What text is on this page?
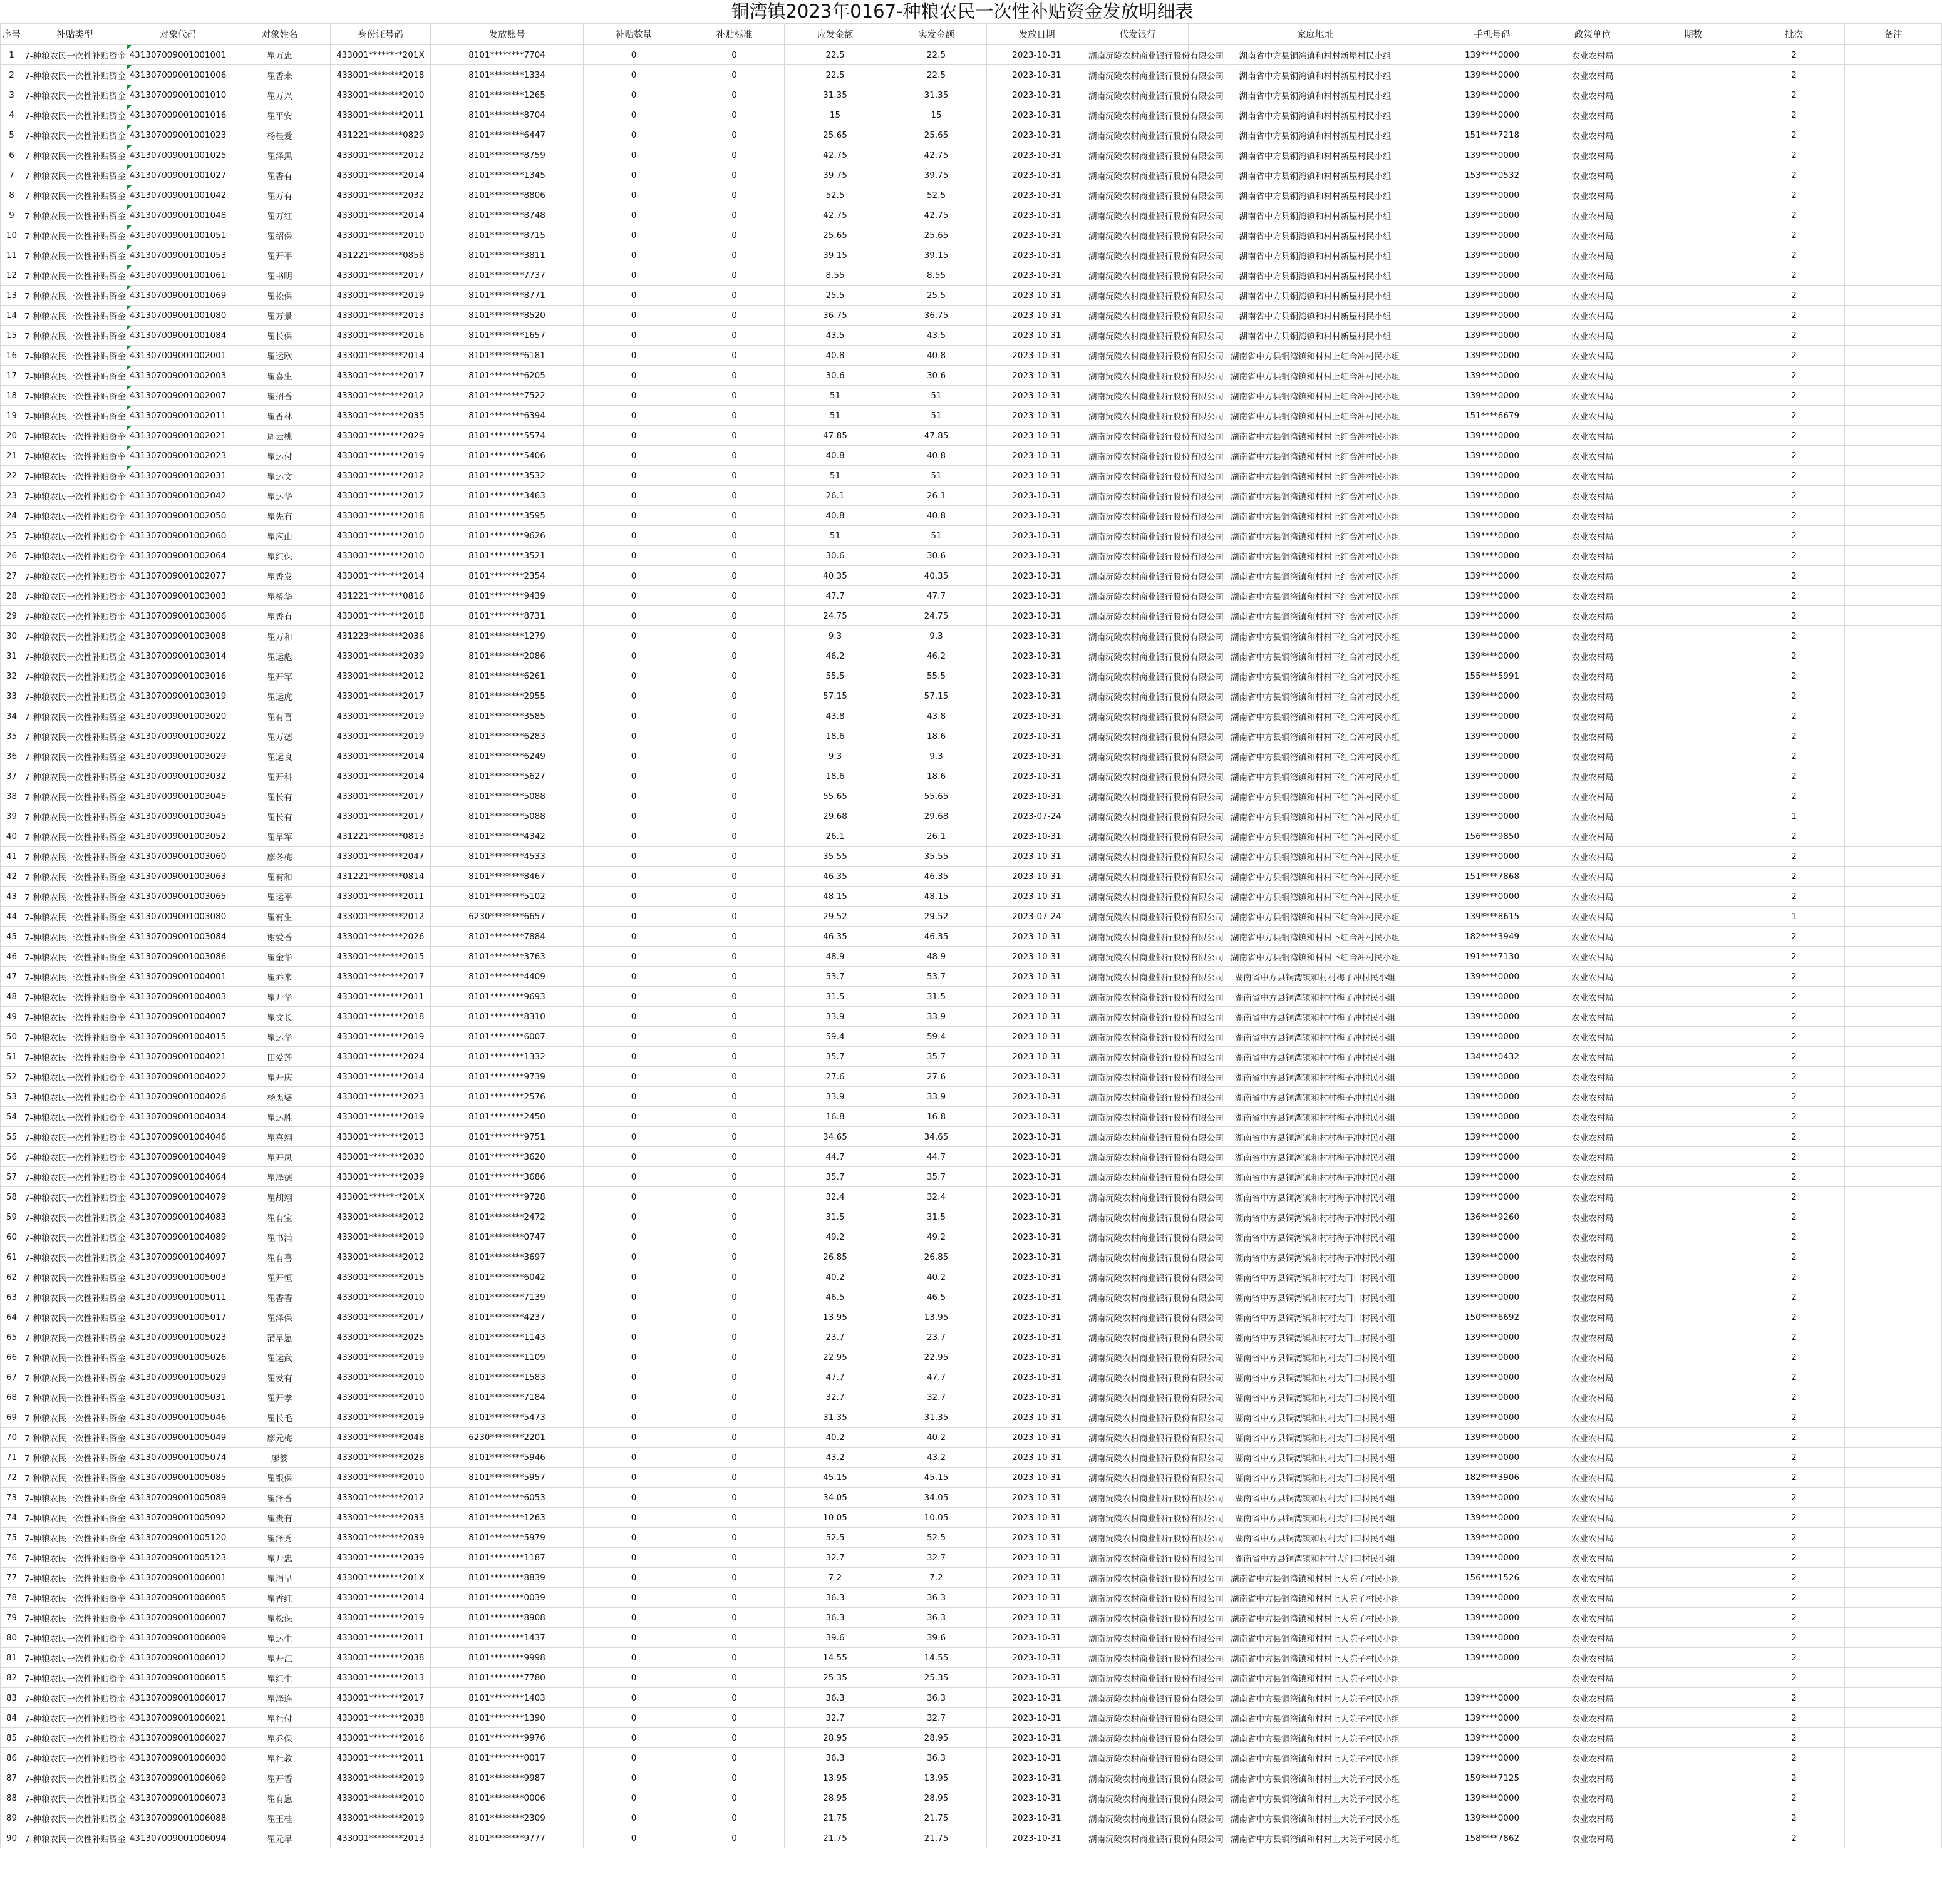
铜湾镇2023年0167-种粮农民一次性补贴资金发放明细表
序号	补贴类型	对象代码	对象姓名	身份证号码	发放账号	补贴数量	补贴标准	应发金额	实发金额	发放日期	代发银行	家庭地址	手机号码	政策单位	期数	批次	备注
1	7-种粮农民一次性补贴资金	431307009001001001	瞿万忠	433001********201X	8101********7704	0	0	22.5	22.5	2023-10-31	湖南沅陵农村商业银行股份有限公司	湖南省中方县铜湾镇和村村新屋村民小组	139****0000	农业农村局		2	
2	7-种粮农民一次性补贴资金	431307009001001006	瞿香来	433001********2018	8101********1334	0	0	22.5	22.5	2023-10-31	湖南沅陵农村商业银行股份有限公司	湖南省中方县铜湾镇和村村新屋村民小组	139****0000	农业农村局		2	
3	7-种粮农民一次性补贴资金	431307009001001010	瞿万兴	433001********2010	8101********1265	0	0	31.35	31.35	2023-10-31	湖南沅陵农村商业银行股份有限公司	湖南省中方县铜湾镇和村村新屋村民小组	139****0000	农业农村局		2	
4	7-种粮农民一次性补贴资金	431307009001001016	瞿平安	433001********2011	8101********8704	0	0	15	15	2023-10-31	湖南沅陵农村商业银行股份有限公司	湖南省中方县铜湾镇和村村新屋村民小组	139****0000	农业农村局		2	
5	7-种粮农民一次性补贴资金	431307009001001023	杨桂爱	431221********0829	8101********6447	0	0	25.65	25.65	2023-10-31	湖南沅陵农村商业银行股份有限公司	湖南省中方县铜湾镇和村村新屋村民小组	151****7218	农业农村局		2	
6	7-种粮农民一次性补贴资金	431307009001001025	瞿泽黑	433001********2012	8101********8759	0	0	42.75	42.75	2023-10-31	湖南沅陵农村商业银行股份有限公司	湖南省中方县铜湾镇和村村新屋村民小组	139****0000	农业农村局		2	
7	7-种粮农民一次性补贴资金	431307009001001027	瞿香有	433001********2014	8101********1345	0	0	39.75	39.75	2023-10-31	湖南沅陵农村商业银行股份有限公司	湖南省中方县铜湾镇和村村新屋村民小组	153****0532	农业农村局		2	
8	7-种粮农民一次性补贴资金	431307009001001042	瞿万有	433001********2032	8101********8806	0	0	52.5	52.5	2023-10-31	湖南沅陵农村商业银行股份有限公司	湖南省中方县铜湾镇和村村新屋村民小组	139****0000	农业农村局		2	
9	7-种粮农民一次性补贴资金	431307009001001048	瞿万红	433001********2014	8101********8748	0	0	42.75	42.75	2023-10-31	湖南沅陵农村商业银行股份有限公司	湖南省中方县铜湾镇和村村新屋村民小组	139****0000	农业农村局		2	
10	7-种粮农民一次性补贴资金	431307009001001051	瞿绍保	433001********2010	8101********8715	0	0	25.65	25.65	2023-10-31	湖南沅陵农村商业银行股份有限公司	湖南省中方县铜湾镇和村村新屋村民小组	139****0000	农业农村局		2	
11	7-种粮农民一次性补贴资金	431307009001001053	瞿开平	431221********0858	8101********3811	0	0	39.15	39.15	2023-10-31	湖南沅陵农村商业银行股份有限公司	湖南省中方县铜湾镇和村村新屋村民小组	139****0000	农业农村局		2	
12	7-种粮农民一次性补贴资金	431307009001001061	瞿书明	433001********2017	8101********7737	0	0	8.55	8.55	2023-10-31	湖南沅陵农村商业银行股份有限公司	湖南省中方县铜湾镇和村村新屋村民小组	139****0000	农业农村局		2	
13	7-种粮农民一次性补贴资金	431307009001001069	瞿松保	433001********2019	8101********8771	0	0	25.5	25.5	2023-10-31	湖南沅陵农村商业银行股份有限公司	湖南省中方县铜湾镇和村村新屋村民小组	139****0000	农业农村局		2	
14	7-种粮农民一次性补贴资金	431307009001001080	瞿万景	433001********2013	8101********8520	0	0	36.75	36.75	2023-10-31	湖南沅陵农村商业银行股份有限公司	湖南省中方县铜湾镇和村村新屋村民小组	139****0000	农业农村局		2	
15	7-种粮农民一次性补贴资金	431307009001001084	瞿长保	433001********2016	8101********1657	0	0	43.5	43.5	2023-10-31	湖南沅陵农村商业银行股份有限公司	湖南省中方县铜湾镇和村村新屋村民小组	139****0000	农业农村局		2	
16	7-种粮农民一次性补贴资金	431307009001002001	瞿运欧	433001********2014	8101********6181	0	0	40.8	40.8	2023-10-31	湖南沅陵农村商业银行股份有限公司	湖南省中方县铜湾镇和村村上红合冲村民小组	139****0000	农业农村局		2	
17	7-种粮农民一次性补贴资金	431307009001002003	瞿喜生	433001********2017	8101********6205	0	0	30.6	30.6	2023-10-31	湖南沅陵农村商业银行股份有限公司	湖南省中方县铜湾镇和村村上红合冲村民小组	139****0000	农业农村局		2	
18	7-种粮农民一次性补贴资金	431307009001002007	瞿招香	433001********2012	8101********7522	0	0	51	51	2023-10-31	湖南沅陵农村商业银行股份有限公司	湖南省中方县铜湾镇和村村上红合冲村民小组	139****0000	农业农村局		2	
19	7-种粮农民一次性补贴资金	431307009001002011	瞿香林	433001********2035	8101********6394	0	0	51	51	2023-10-31	湖南沅陵农村商业银行股份有限公司	湖南省中方县铜湾镇和村村上红合冲村民小组	151****6679	农业农村局		2	
20	7-种粮农民一次性补贴资金	431307009001002021	周云桃	433001********2029	8101********5574	0	0	47.85	47.85	2023-10-31	湖南沅陵农村商业银行股份有限公司	湖南省中方县铜湾镇和村村上红合冲村民小组	139****0000	农业农村局		2	
21	7-种粮农民一次性补贴资金	431307009001002023	瞿运付	433001********2019	8101********5406	0	0	40.8	40.8	2023-10-31	湖南沅陵农村商业银行股份有限公司	湖南省中方县铜湾镇和村村上红合冲村民小组	139****0000	农业农村局		2	
22	7-种粮农民一次性补贴资金	431307009001002031	瞿运文	433001********2012	8101********3532	0	0	51	51	2023-10-31	湖南沅陵农村商业银行股份有限公司	湖南省中方县铜湾镇和村村上红合冲村民小组	139****0000	农业农村局		2	
23	7-种粮农民一次性补贴资金	431307009001002042	瞿运华	433001********2012	8101********3463	0	0	26.1	26.1	2023-10-31	湖南沅陵农村商业银行股份有限公司	湖南省中方县铜湾镇和村村上红合冲村民小组	139****0000	农业农村局		2	
24	7-种粮农民一次性补贴资金	431307009001002050	瞿先有	433001********2018	8101********3595	0	0	40.8	40.8	2023-10-31	湖南沅陵农村商业银行股份有限公司	湖南省中方县铜湾镇和村村上红合冲村民小组	139****0000	农业农村局		2	
25	7-种粮农民一次性补贴资金	431307009001002060	瞿应山	433001********2010	8101********9626	0	0	51	51	2023-10-31	湖南沅陵农村商业银行股份有限公司	湖南省中方县铜湾镇和村村上红合冲村民小组	139****0000	农业农村局		2	
26	7-种粮农民一次性补贴资金	431307009001002064	瞿红保	433001********2010	8101********3521	0	0	30.6	30.6	2023-10-31	湖南沅陵农村商业银行股份有限公司	湖南省中方县铜湾镇和村村上红合冲村民小组	139****0000	农业农村局		2	
27	7-种粮农民一次性补贴资金	431307009001002077	瞿香发	433001********2014	8101********2354	0	0	40.35	40.35	2023-10-31	湖南沅陵农村商业银行股份有限公司	湖南省中方县铜湾镇和村村上红合冲村民小组	139****0000	农业农村局		2	
28	7-种粮农民一次性补贴资金	431307009001003003	瞿桥华	431221********0816	8101********9439	0	0	47.7	47.7	2023-10-31	湖南沅陵农村商业银行股份有限公司	湖南省中方县铜湾镇和村村下红合冲村民小组	139****0000	农业农村局		2	
29	7-种粮农民一次性补贴资金	431307009001003006	瞿香有	433001********2018	8101********8731	0	0	24.75	24.75	2023-10-31	湖南沅陵农村商业银行股份有限公司	湖南省中方县铜湾镇和村村下红合冲村民小组	139****0000	农业农村局		2	
30	7-种粮农民一次性补贴资金	431307009001003008	瞿万和	431223********2036	8101********1279	0	0	9.3	9.3	2023-10-31	湖南沅陵农村商业银行股份有限公司	湖南省中方县铜湾镇和村村下红合冲村民小组	139****0000	农业农村局		2	
31	7-种粮农民一次性补贴资金	431307009001003014	瞿运彪	433001********2039	8101********2086	0	0	46.2	46.2	2023-10-31	湖南沅陵农村商业银行股份有限公司	湖南省中方县铜湾镇和村村下红合冲村民小组	139****0000	农业农村局		2	
32	7-种粮农民一次性补贴资金	431307009001003016	瞿开军	433001********2012	8101********6261	0	0	55.5	55.5	2023-10-31	湖南沅陵农村商业银行股份有限公司	湖南省中方县铜湾镇和村村下红合冲村民小组	155****5991	农业农村局		2	
33	7-种粮农民一次性补贴资金	431307009001003019	瞿运虎	433001********2017	8101********2955	0	0	57.15	57.15	2023-10-31	湖南沅陵农村商业银行股份有限公司	湖南省中方县铜湾镇和村村下红合冲村民小组	139****0000	农业农村局		2	
34	7-种粮农民一次性补贴资金	431307009001003020	瞿有喜	433001********2019	8101********3585	0	0	43.8	43.8	2023-10-31	湖南沅陵农村商业银行股份有限公司	湖南省中方县铜湾镇和村村下红合冲村民小组	139****0000	农业农村局		2	
35	7-种粮农民一次性补贴资金	431307009001003022	瞿万德	433001********2019	8101********6283	0	0	18.6	18.6	2023-10-31	湖南沅陵农村商业银行股份有限公司	湖南省中方县铜湾镇和村村下红合冲村民小组	139****0000	农业农村局		2	
36	7-种粮农民一次性补贴资金	431307009001003029	瞿运良	433001********2014	8101********6249	0	0	9.3	9.3	2023-10-31	湖南沅陵农村商业银行股份有限公司	湖南省中方县铜湾镇和村村下红合冲村民小组	139****0000	农业农村局		2	
37	7-种粮农民一次性补贴资金	431307009001003032	瞿开科	433001********2014	8101********5627	0	0	18.6	18.6	2023-10-31	湖南沅陵农村商业银行股份有限公司	湖南省中方县铜湾镇和村村下红合冲村民小组	139****0000	农业农村局		2	
38	7-种粮农民一次性补贴资金	431307009001003045	瞿长有	433001********2017	8101********5088	0	0	55.65	55.65	2023-10-31	湖南沅陵农村商业银行股份有限公司	湖南省中方县铜湾镇和村村下红合冲村民小组	139****0000	农业农村局		2	
39	7-种粮农民一次性补贴资金	431307009001003045	瞿长有	433001********2017	8101********5088	0	0	29.68	29.68	2023-07-24	湖南沅陵农村商业银行股份有限公司	湖南省中方县铜湾镇和村村下红合冲村民小组	139****0000	农业农村局		1	
40	7-种粮农民一次性补贴资金	431307009001003052	瞿早军	431221********0813	8101********4342	0	0	26.1	26.1	2023-10-31	湖南沅陵农村商业银行股份有限公司	湖南省中方县铜湾镇和村村下红合冲村民小组	156****9850	农业农村局		2	
41	7-种粮农民一次性补贴资金	431307009001003060	廖冬梅	433001********2047	8101********4533	0	0	35.55	35.55	2023-10-31	湖南沅陵农村商业银行股份有限公司	湖南省中方县铜湾镇和村村下红合冲村民小组	139****0000	农业农村局		2	
42	7-种粮农民一次性补贴资金	431307009001003063	瞿有和	431221********0814	8101********8467	0	0	46.35	46.35	2023-10-31	湖南沅陵农村商业银行股份有限公司	湖南省中方县铜湾镇和村村下红合冲村民小组	151****7868	农业农村局		2	
43	7-种粮农民一次性补贴资金	431307009001003065	瞿运平	433001********2011	8101********5102	0	0	48.15	48.15	2023-10-31	湖南沅陵农村商业银行股份有限公司	湖南省中方县铜湾镇和村村下红合冲村民小组	139****0000	农业农村局		2	
44	7-种粮农民一次性补贴资金	431307009001003080	瞿有生	433001********2012	6230********6657	0	0	29.52	29.52	2023-07-24	湖南沅陵农村商业银行股份有限公司	湖南省中方县铜湾镇和村村下红合冲村民小组	139****8615	农业农村局		1	
45	7-种粮农民一次性补贴资金	431307009001003084	谢爱香	433001********2026	8101********7884	0	0	46.35	46.35	2023-10-31	湖南沅陵农村商业银行股份有限公司	湖南省中方县铜湾镇和村村下红合冲村民小组	182****3949	农业农村局		2	
46	7-种粮农民一次性补贴资金	431307009001003086	瞿金华	433001********2015	8101********3763	0	0	48.9	48.9	2023-10-31	湖南沅陵农村商业银行股份有限公司	湖南省中方县铜湾镇和村村下红合冲村民小组	191****7130	农业农村局		2	
47	7-种粮农民一次性补贴资金	431307009001004001	瞿乔来	433001********2017	8101********4409	0	0	53.7	53.7	2023-10-31	湖南沅陵农村商业银行股份有限公司	湖南省中方县铜湾镇和村村梅子冲村民小组	139****0000	农业农村局		2	
48	7-种粮农民一次性补贴资金	431307009001004003	瞿开华	433001********2011	8101********9693	0	0	31.5	31.5	2023-10-31	湖南沅陵农村商业银行股份有限公司	湖南省中方县铜湾镇和村村梅子冲村民小组	139****0000	农业农村局		2	
49	7-种粮农民一次性补贴资金	431307009001004007	瞿文长	433001********2018	8101********8310	0	0	33.9	33.9	2023-10-31	湖南沅陵农村商业银行股份有限公司	湖南省中方县铜湾镇和村村梅子冲村民小组	139****0000	农业农村局		2	
50	7-种粮农民一次性补贴资金	431307009001004015	瞿运华	433001********2019	8101********6007	0	0	59.4	59.4	2023-10-31	湖南沅陵农村商业银行股份有限公司	湖南省中方县铜湾镇和村村梅子冲村民小组	139****0000	农业农村局		2	
51	7-种粮农民一次性补贴资金	431307009001004021	田爱莲	433001********2024	8101********1332	0	0	35.7	35.7	2023-10-31	湖南沅陵农村商业银行股份有限公司	湖南省中方县铜湾镇和村村梅子冲村民小组	134****0432	农业农村局		2	
52	7-种粮农民一次性补贴资金	431307009001004022	瞿开庆	433001********2014	8101********9739	0	0	27.6	27.6	2023-10-31	湖南沅陵农村商业银行股份有限公司	湖南省中方县铜湾镇和村村梅子冲村民小组	139****0000	农业农村局		2	
53	7-种粮农民一次性补贴资金	431307009001004026	杨黑婆	433001********2023	8101********2576	0	0	33.9	33.9	2023-10-31	湖南沅陵农村商业银行股份有限公司	湖南省中方县铜湾镇和村村梅子冲村民小组	139****0000	农业农村局		2	
54	7-种粮农民一次性补贴资金	431307009001004034	瞿运胜	433001********2019	8101********2450	0	0	16.8	16.8	2023-10-31	湖南沅陵农村商业银行股份有限公司	湖南省中方县铜湾镇和村村梅子冲村民小组	139****0000	农业农村局		2	
55	7-种粮农民一次性补贴资金	431307009001004046	瞿喜翊	433001********2013	8101********9751	0	0	34.65	34.65	2023-10-31	湖南沅陵农村商业银行股份有限公司	湖南省中方县铜湾镇和村村梅子冲村民小组	139****0000	农业农村局		2	
56	7-种粮农民一次性补贴资金	431307009001004049	瞿开凤	433001********2030	8101********3620	0	0	44.7	44.7	2023-10-31	湖南沅陵农村商业银行股份有限公司	湖南省中方县铜湾镇和村村梅子冲村民小组	139****0000	农业农村局		2	
57	7-种粮农民一次性补贴资金	431307009001004064	瞿泽德	433001********2039	8101********3686	0	0	35.7	35.7	2023-10-31	湖南沅陵农村商业银行股份有限公司	湖南省中方县铜湾镇和村村梅子冲村民小组	139****0000	农业农村局		2	
58	7-种粮农民一次性补贴资金	431307009001004079	瞿胡翊	433001********201X	8101********9728	0	0	32.4	32.4	2023-10-31	湖南沅陵农村商业银行股份有限公司	湖南省中方县铜湾镇和村村梅子冲村民小组	139****0000	农业农村局		2	
59	7-种粮农民一次性补贴资金	431307009001004083	瞿有宝	433001********2012	8101********2472	0	0	31.5	31.5	2023-10-31	湖南沅陵农村商业银行股份有限公司	湖南省中方县铜湾镇和村村梅子冲村民小组	136****9260	农业农村局		2	
60	7-种粮农民一次性补贴资金	431307009001004089	瞿书浦	433001********2019	8101********0747	0	0	49.2	49.2	2023-10-31	湖南沅陵农村商业银行股份有限公司	湖南省中方县铜湾镇和村村梅子冲村民小组	139****0000	农业农村局		2	
61	7-种粮农民一次性补贴资金	431307009001004097	瞿有喜	433001********2012	8101********3697	0	0	26.85	26.85	2023-10-31	湖南沅陵农村商业银行股份有限公司	湖南省中方县铜湾镇和村村梅子冲村民小组	139****0000	农业农村局		2	
62	7-种粮农民一次性补贴资金	431307009001005003	瞿开恒	433001********2015	8101********6042	0	0	40.2	40.2	2023-10-31	湖南沅陵农村商业银行股份有限公司	湖南省中方县铜湾镇和村村大门口村民小组	139****0000	农业农村局		2	
63	7-种粮农民一次性补贴资金	431307009001005011	瞿香香	433001********2010	8101********7139	0	0	46.5	46.5	2023-10-31	湖南沅陵农村商业银行股份有限公司	湖南省中方县铜湾镇和村村大门口村民小组	139****0000	农业农村局		2	
64	7-种粮农民一次性补贴资金	431307009001005017	瞿泽保	433001********2017	8101********4237	0	0	13.95	13.95	2023-10-31	湖南沅陵农村商业银行股份有限公司	湖南省中方县铜湾镇和村村大门口村民小组	150****6692	农业农村局		2	
65	7-种粮农民一次性补贴资金	431307009001005023	蒲早崽	433001********2025	8101********1143	0	0	23.7	23.7	2023-10-31	湖南沅陵农村商业银行股份有限公司	湖南省中方县铜湾镇和村村大门口村民小组	139****0000	农业农村局		2	
66	7-种粮农民一次性补贴资金	431307009001005026	瞿运武	433001********2019	8101********1109	0	0	22.95	22.95	2023-10-31	湖南沅陵农村商业银行股份有限公司	湖南省中方县铜湾镇和村村大门口村民小组	139****0000	农业农村局		2	
67	7-种粮农民一次性补贴资金	431307009001005029	瞿发有	433001********2010	8101********1583	0	0	47.7	47.7	2023-10-31	湖南沅陵农村商业银行股份有限公司	湖南省中方县铜湾镇和村村大门口村民小组	139****0000	农业农村局		2	
68	7-种粮农民一次性补贴资金	431307009001005031	瞿开孝	433001********2010	8101********7184	0	0	32.7	32.7	2023-10-31	湖南沅陵农村商业银行股份有限公司	湖南省中方县铜湾镇和村村大门口村民小组	139****0000	农业农村局		2	
69	7-种粮农民一次性补贴资金	431307009001005046	瞿长毛	433001********2019	8101********5473	0	0	31.35	31.35	2023-10-31	湖南沅陵农村商业银行股份有限公司	湖南省中方县铜湾镇和村村大门口村民小组	139****0000	农业农村局		2	
70	7-种粮农民一次性补贴资金	431307009001005049	廖元梅	433001********2048	6230********2201	0	0	40.2	40.2	2023-10-31	湖南沅陵农村商业银行股份有限公司	湖南省中方县铜湾镇和村村大门口村民小组	139****0000	农业农村局		2	
71	7-种粮农民一次性补贴资金	431307009001005074	廖婆	433001********2028	8101********5946	0	0	43.2	43.2	2023-10-31	湖南沅陵农村商业银行股份有限公司	湖南省中方县铜湾镇和村村大门口村民小组	139****0000	农业农村局		2	
72	7-种粮农民一次性补贴资金	431307009001005085	瞿银保	433001********2010	8101********5957	0	0	45.15	45.15	2023-10-31	湖南沅陵农村商业银行股份有限公司	湖南省中方县铜湾镇和村村大门口村民小组	182****3906	农业农村局		2	
73	7-种粮农民一次性补贴资金	431307009001005089	瞿泽香	433001********2012	8101********6053	0	0	34.05	34.05	2023-10-31	湖南沅陵农村商业银行股份有限公司	湖南省中方县铜湾镇和村村大门口村民小组	139****0000	农业农村局		2	
74	7-种粮农民一次性补贴资金	431307009001005092	瞿贵有	433001********2033	8101********1263	0	0	10.05	10.05	2023-10-31	湖南沅陵农村商业银行股份有限公司	湖南省中方县铜湾镇和村村大门口村民小组	139****0000	农业农村局		2	
75	7-种粮农民一次性补贴资金	431307009001005120	瞿泽秀	433001********2039	8101********5979	0	0	52.5	52.5	2023-10-31	湖南沅陵农村商业银行股份有限公司	湖南省中方县铜湾镇和村村大门口村民小组	139****0000	农业农村局		2	
76	7-种粮农民一次性补贴资金	431307009001005123	瞿开忠	433001********2039	8101********1187	0	0	32.7	32.7	2023-10-31	湖南沅陵农村商业银行股份有限公司	湖南省中方县铜湾镇和村村大门口村民小组	139****0000	农业农村局		2	
77	7-种粮农民一次性补贴资金	431307009001006001	瞿涓早	433001********201X	8101********8839	0	0	7.2	7.2	2023-10-31	湖南沅陵农村商业银行股份有限公司	湖南省中方县铜湾镇和村村上大院子村民小组	156****1526	农业农村局		2	
78	7-种粮农民一次性补贴资金	431307009001006005	瞿香红	433001********2014	8101********0039	0	0	36.3	36.3	2023-10-31	湖南沅陵农村商业银行股份有限公司	湖南省中方县铜湾镇和村村上大院子村民小组	139****0000	农业农村局		2	
79	7-种粮农民一次性补贴资金	431307009001006007	瞿松保	433001********2019	8101********8908	0	0	36.3	36.3	2023-10-31	湖南沅陵农村商业银行股份有限公司	湖南省中方县铜湾镇和村村上大院子村民小组	139****0000	农业农村局		2	
80	7-种粮农民一次性补贴资金	431307009001006009	瞿运生	433001********2011	8101********1437	0	0	39.6	39.6	2023-10-31	湖南沅陵农村商业银行股份有限公司	湖南省中方县铜湾镇和村村上大院子村民小组	139****0000	农业农村局		2	
81	7-种粮农民一次性补贴资金	431307009001006012	瞿开江	433001********2038	8101********9998	0	0	14.55	14.55	2023-10-31	湖南沅陵农村商业银行股份有限公司	湖南省中方县铜湾镇和村村上大院子村民小组	139****0000	农业农村局		2	
82	7-种粮农民一次性补贴资金	431307009001006015	瞿红生	433001********2013	8101********7780	0	0	25.35	25.35	2023-10-31	湖南沅陵农村商业银行股份有限公司	湖南省中方县铜湾镇和村村上大院子村民小组		农业农村局		2	
83	7-种粮农民一次性补贴资金	431307009001006017	瞿泽连	433001********2017	8101********1403	0	0	36.3	36.3	2023-10-31	湖南沅陵农村商业银行股份有限公司	湖南省中方县铜湾镇和村村上大院子村民小组	139****0000	农业农村局		2	
84	7-种粮农民一次性补贴资金	431307009001006021	瞿社付	433001********2038	8101********1390	0	0	32.7	32.7	2023-10-31	湖南沅陵农村商业银行股份有限公司	湖南省中方县铜湾镇和村村上大院子村民小组	139****0000	农业农村局		2	
85	7-种粮农民一次性补贴资金	431307009001006027	瞿乔保	433001********2016	8101********9976	0	0	28.95	28.95	2023-10-31	湖南沅陵农村商业银行股份有限公司	湖南省中方县铜湾镇和村村上大院子村民小组	139****0000	农业农村局		2	
86	7-种粮农民一次性补贴资金	431307009001006030	瞿社教	433001********2011	8101********0017	0	0	36.3	36.3	2023-10-31	湖南沅陵农村商业银行股份有限公司	湖南省中方县铜湾镇和村村上大院子村民小组	139****0000	农业农村局		2	
87	7-种粮农民一次性补贴资金	431307009001006069	瞿开香	433001********2019	8101********9987	0	0	13.95	13.95	2023-10-31	湖南沅陵农村商业银行股份有限公司	湖南省中方县铜湾镇和村村上大院子村民小组	159****7125	农业农村局		2	
88	7-种粮农民一次性补贴资金	431307009001006073	瞿有崽	433001********2010	8101********0006	0	0	28.95	28.95	2023-10-31	湖南沅陵农村商业银行股份有限公司	湖南省中方县铜湾镇和村村上大院子村民小组	139****0000	农业农村局		2	
89	7-种粮农民一次性补贴资金	431307009001006088	瞿王桂	433001********2019	8101********2309	0	0	21.75	21.75	2023-10-31	湖南沅陵农村商业银行股份有限公司	湖南省中方县铜湾镇和村村上大院子村民小组	139****0000	农业农村局		2	
90	7-种粮农民一次性补贴资金	431307009001006094	瞿元早	433001********2013	8101********9777	0	0	21.75	21.75	2023-10-31	湖南沅陵农村商业银行股份有限公司	湖南省中方县铜湾镇和村村上大院子村民小组	158****7862	农业农村局		2	
